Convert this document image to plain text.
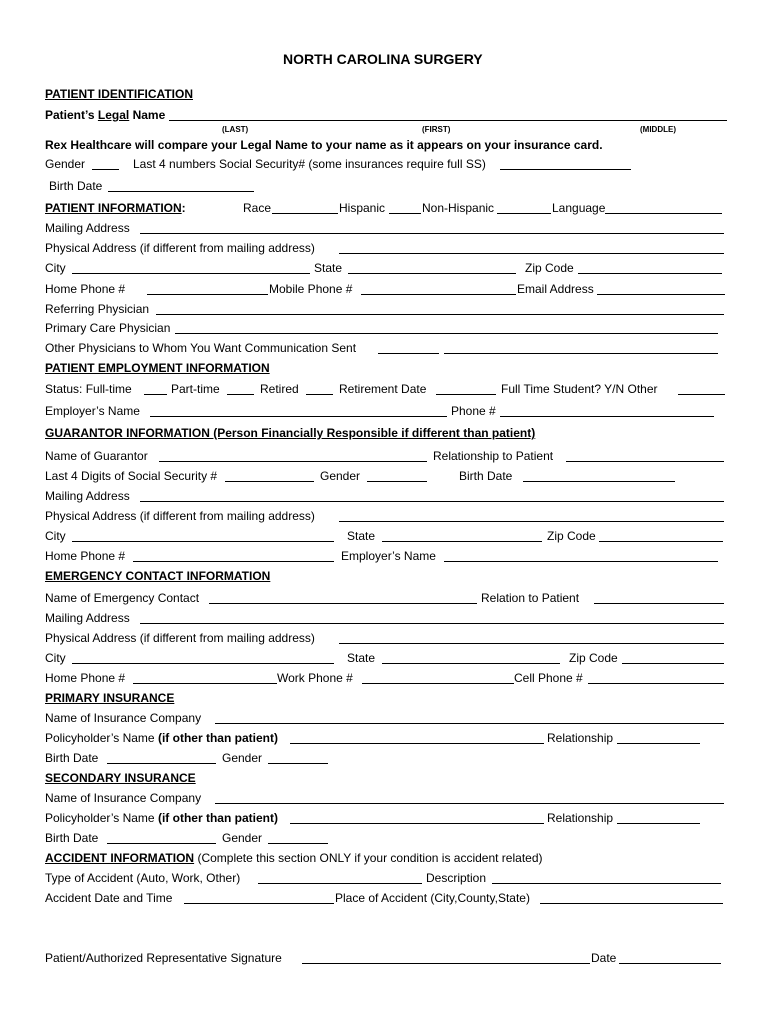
NORTH CAROLINA SURGERY
PATIENT IDENTIFICATION
Patient’s Legal Name
(LAST)	(FIRST)	(MIDDLE)
Rex Healthcare will compare your Legal Name to your name as it appears on your insurance card.
Gender	Last 4 numbers Social Security# (some insurances require full SS)
Birth Date
PATIENT INFORMATION:	Race	Hispanic	Non-Hispanic	Language
Mailing Address
Physical Address (if different from mailing address)
City	State	Zip Code
Home Phone #	Mobile Phone #	Email Address
Referring Physician
Primary Care Physician
Other Physicians to Whom You Want Communication Sent
PATIENT EMPLOYMENT INFORMATION
Status: Full-time	Part-time	Retired	Retirement Date	Full Time Student? Y/N Other
Employer’s Name	Phone #
GUARANTOR INFORMATION (Person Financially Responsible if different than patient)
Name of Guarantor	Relationship to Patient
Last 4 Digits of Social Security #	Gender	Birth Date
Mailing Address
Physical Address (if different from mailing address)
City	State	Zip Code
Home Phone #	Employer’s Name
EMERGENCY CONTACT INFORMATION
Name of Emergency Contact	Relation to Patient
Mailing Address
Physical Address (if different from mailing address)
City	State	Zip Code
Home Phone #	Work Phone #	Cell Phone #
PRIMARY INSURANCE
Name of Insurance Company
Policyholder’s Name (if other than patient)	Relationship
Birth Date	Gender
SECONDARY INSURANCE
Name of Insurance Company
Policyholder’s Name (if other than patient)	Relationship
Birth Date	Gender
ACCIDENT INFORMATION (Complete this section ONLY if your condition is accident related)
Type of Accident (Auto, Work, Other)	Description
Accident Date and Time	Place of Accident (City,County,State)
Patient/Authorized Representative Signature	Date
